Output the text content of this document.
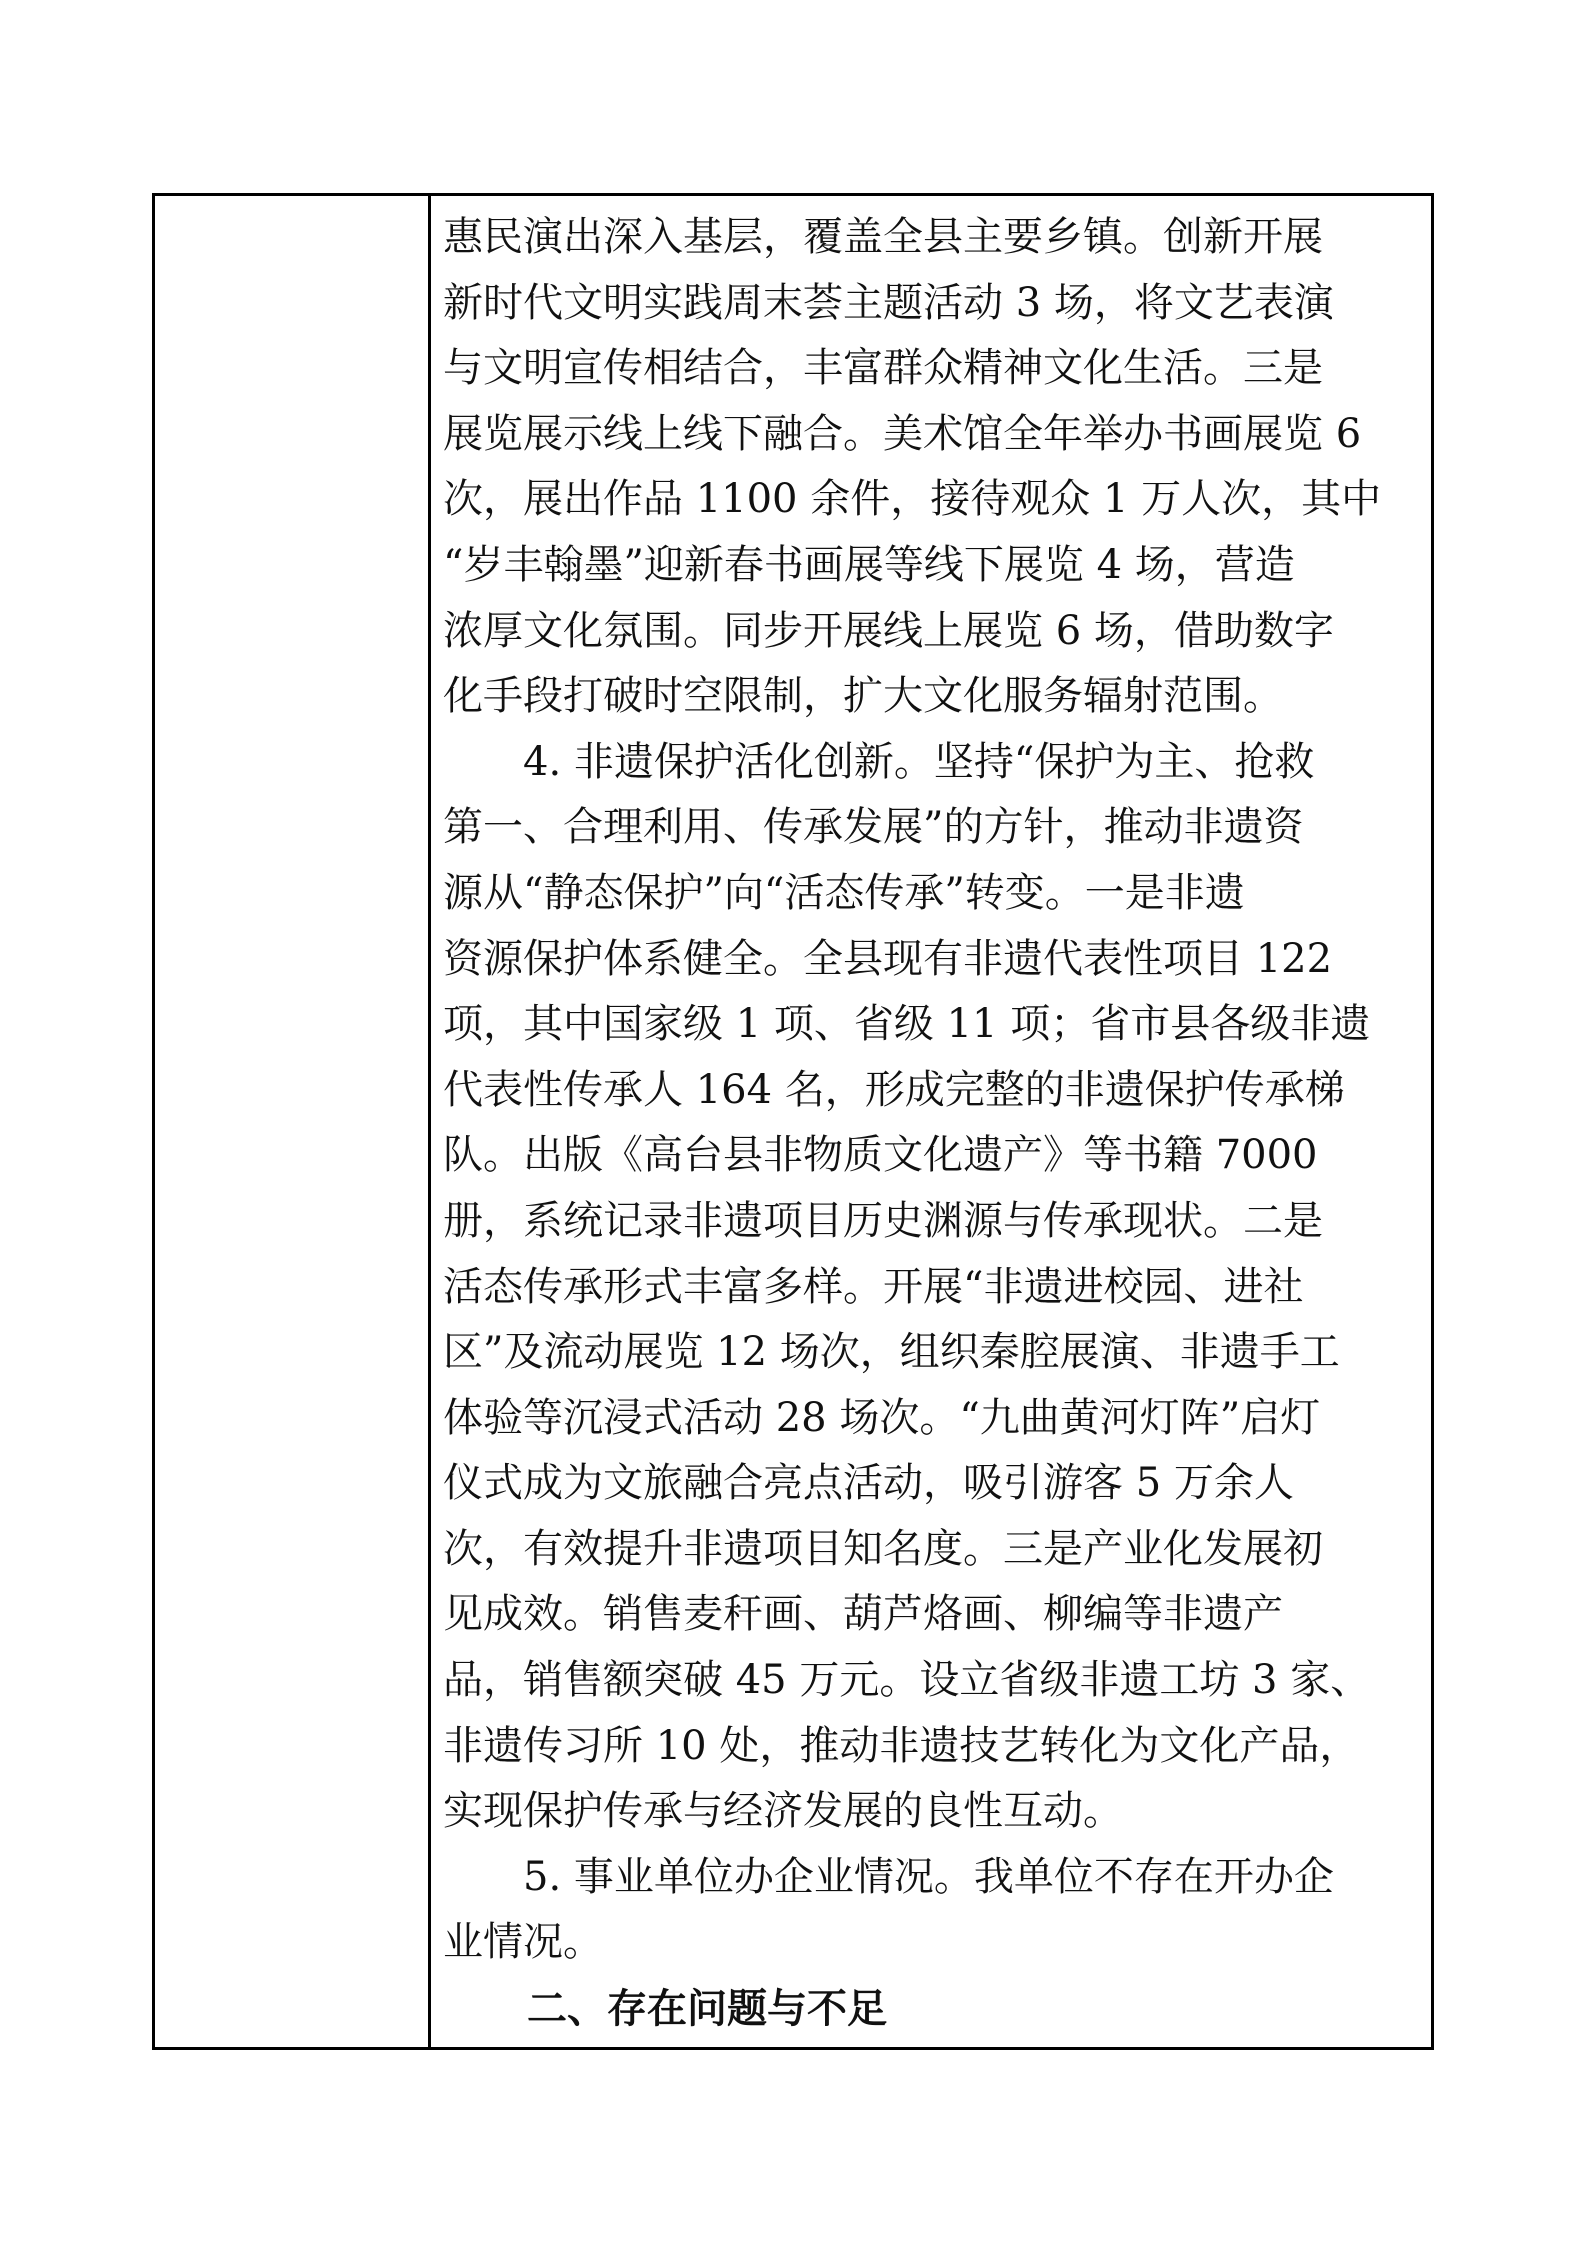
惠民演出深入基层，覆盖全县主要乡镇。创新开展
新时代文明实践周末荟主题活动 3 场，将文艺表演
与文明宣传相结合，丰富群众精神文化生活。三是
展览展示线上线下融合。美术馆全年举办书画展览 6
次，展出作品 1100 余件，接待观众 1 万人次，其中
“岁丰翰墨”迎新春书画展等线下展览 4 场，营造
浓厚文化氛围。同步开展线上展览 6 场，借助数字
化手段打破时空限制，扩大文化服务辐射范围。
　　4. 非遗保护活化创新。坚持“保护为主、抢救
第一、合理利用、传承发展”的方针，推动非遗资
源从“静态保护”向“活态传承”转变。一是非遗
资源保护体系健全。全县现有非遗代表性项目 122
项，其中国家级 1 项、省级 11 项；省市县各级非遗
代表性传承人 164 名，形成完整的非遗保护传承梯
队。出版《高台县非物质文化遗产》等书籍 7000
册，系统记录非遗项目历史渊源与传承现状。二是
活态传承形式丰富多样。开展“非遗进校园、进社
区”及流动展览 12 场次，组织秦腔展演、非遗手工
体验等沉浸式活动 28 场次。“九曲黄河灯阵”启灯
仪式成为文旅融合亮点活动，吸引游客 5 万余人
次，有效提升非遗项目知名度。三是产业化发展初
见成效。销售麦秆画、葫芦烙画、柳编等非遗产
品，销售额突破 45 万元。设立省级非遗工坊 3 家、
非遗传习所 10 处，推动非遗技艺转化为文化产品，
实现保护传承与经济发展的良性互动。
　　5. 事业单位办企业情况。我单位不存在开办企
业情况。
二、存在问题与不足
